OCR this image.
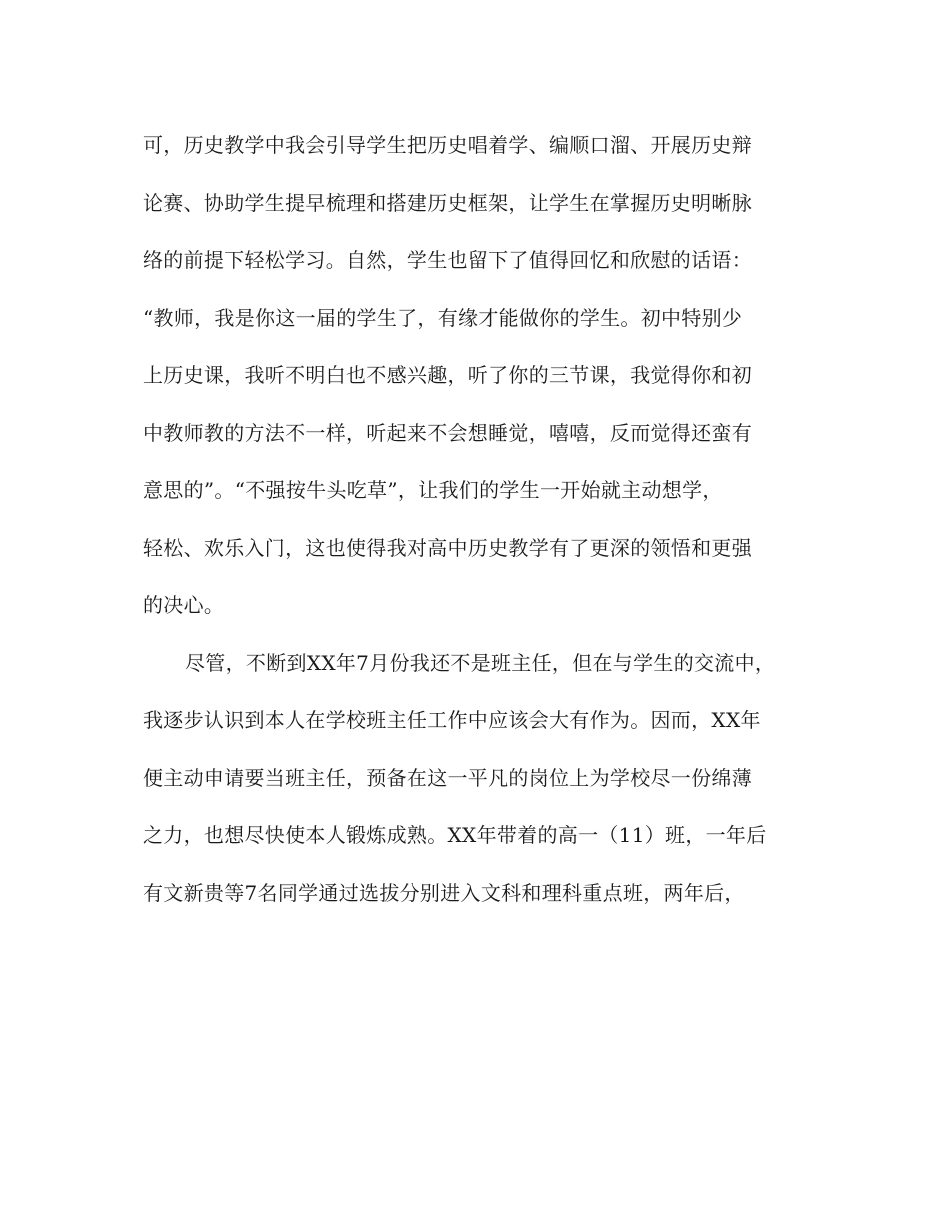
可，历史教学中我会引导学生把历史唱着学、编顺口溜、开展历史辩
论赛、协助学生提早梳理和搭建历史框架，让学生在掌握历史明晰脉
络的前提下轻松学习。自然，学生也留下了值得回忆和欣慰的话语：
“教师，我是你这一届的学生了，有缘才能做你的学生。初中特别少
上历史课，我听不明白也不感兴趣，听了你的三节课，我觉得你和初
中教师教的方法不一样，听起来不会想睡觉，嘻嘻，反而觉得还蛮有
意思的”。“不强按牛头吃草”，让我们的学生一开始就主动想学，
轻松、欢乐入门，这也使得我对高中历史教学有了更深的领悟和更强
的决心。
尽管，不断到XX年7月份我还不是班主任，但在与学生的交流中，
我逐步认识到本人在学校班主任工作中应该会大有作为。因而，XX年
便主动申请要当班主任，预备在这一平凡的岗位上为学校尽一份绵薄
之力，也想尽快使本人锻炼成熟。XX年带着的高一（11）班，一年后
有文新贵等7名同学通过选拔分别进入文科和理科重点班，两年后，
